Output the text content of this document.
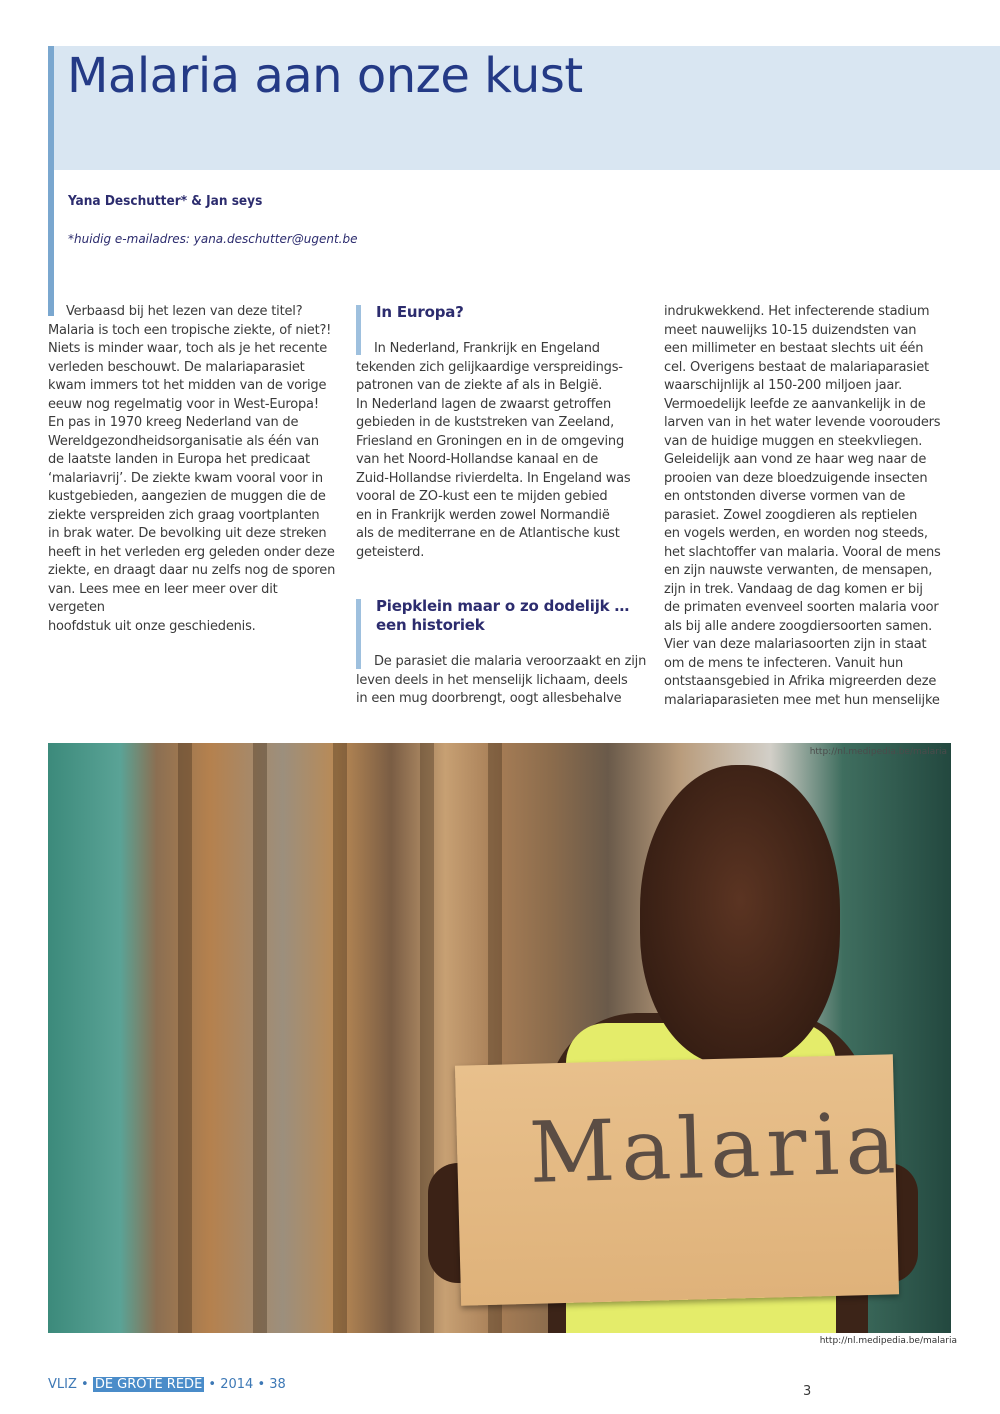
Malaria aan onze kust
Yana Deschutter* & Jan seys
*huidig e-mailadres: yana.deschutter@ugent.be

Verbaasd bij het lezen van deze titel?

Malaria is toch een tropische ziekte, of niet?!

Niets is minder waar, toch als je het recente

verleden beschouwt. De malariaparasiet

kwam immers tot het midden van de vorige

eeuw nog regelmatig voor in West-Europa!

En pas in 1970 kreeg Nederland van de

Wereldgezondheidsorganisatie als één van

de laatste landen in Europa het predicaat

‘malariavrij’. De ziekte kwam vooral voor in

kustgebieden, aangezien de muggen die de

ziekte verspreiden zich graag voortplanten

in brak water. De bevolking uit deze streken

heeft in het verleden erg geleden onder deze

ziekte, en draagt daar nu zelfs nog de sporen

van. Lees mee en leer meer over dit vergeten

hoofdstuk uit onze geschiedenis.

In Europa?

In Nederland, Frankrijk en Engeland

tekenden zich gelijkaardige verspreidings-

patronen van de ziekte af als in België.

In Nederland lagen de zwaarst getroffen

gebieden in de kuststreken van Zeeland,

Friesland en Groningen en in de omgeving

van het Noord-Hollandse kanaal en de

Zuid-Hollandse rivierdelta. In Engeland was

vooral de ZO-kust een te mijden gebied

en in Frankrijk werden zowel Normandië

als de mediterrane en de Atlantische kust

geteisterd.

Piepklein maar o zo dodelijk …
een historiek

De parasiet die malaria veroorzaakt en zijn

leven deels in het menselijk lichaam, deels

in een mug doorbrengt, oogt allesbehalve

indrukwekkend. Het infecterende stadium

meet nauwelijks 10-15 duizendsten van

een millimeter en bestaat slechts uit één

cel. Overigens bestaat de malariaparasiet

waarschijnlijk al 150-200 miljoen jaar.

Vermoedelijk leefde ze aanvankelijk in de

larven van in het water levende voorouders

van de huidige muggen en steekvliegen.

Geleidelijk aan vond ze haar weg naar de

prooien van deze bloedzuigende insecten

en ontstonden diverse vormen van de

parasiet. Zowel zoogdieren als reptielen

en vogels werden, en worden nog steeds,

het slachtoffer van malaria. Vooral de mens

en zijn nauwste verwanten, de mensapen,

zijn in trek. Vandaag de dag komen er bij

de primaten evenveel soorten malaria voor

als bij alle andere zoogdiersoorten samen.

Vier van deze malariasoorten zijn in staat

om de mens te infecteren. Vanuit hun

ontstaansgebied in Afrika migreerden deze

malariaparasieten mee met hun menselijke

Malaria
http://nl.medipedia.be/malaria
http://nl.medipedia.be/malaria
VLIZ • DE GROTE REDE • 2014 • 38	3
